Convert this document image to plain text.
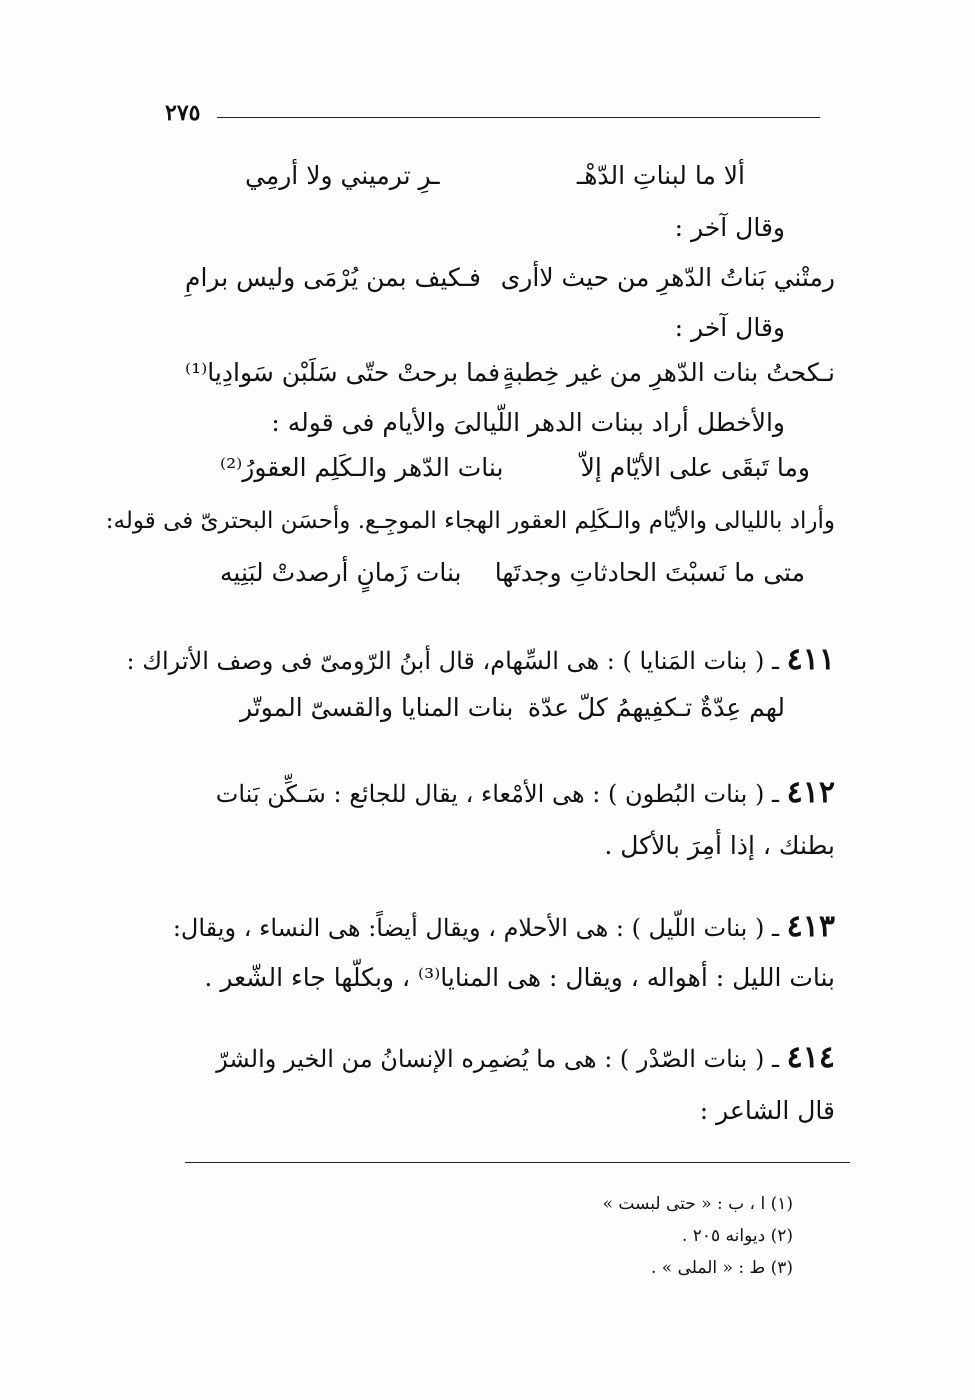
٢٧٥
ألا ما لبناتِ الدّهْـ
ـرِ ترميني ولا أرمِي
وقال آخر :
رمتْني بَناتُ الدّهرِ من حيث لاأرى
فـكيف بمن يُرْمَى وليس برامِ
وقال آخر :
نـكحتُ بنات الدّهرِ من غير خِطبةٍ
فما برحتْ حتّى سَلَبْن سَوادِيا⁽¹⁾
والأخطل أراد ببنات الدهر اللّيالىَ والأيام فى قوله :
وما تَبقَى على الأيّام إلاّ
بنات الدّهر والـكَلِم العقورُ⁽²⁾
وأراد بالليالى والأيّام والـكَلِم العقور الهجاء الموجِـع. وأحسَن البحترىّ فى قوله:
متى ما نَسبْتَ الحادثاتِ وجدتَها
بنات زَمانٍ أرصدتْ لبَنِيه
٤١١ ـ ( بنات المَنايا ) : هى السِّهام، قال أبنُ الرّومىّ فى وصف الأتراك :
لهم عِدّةٌ تـكفِيهمُ كلّ عدّة
بنات المنايا والقسىّ الموتّر
٤١٢ ـ ( بنات البُطون ) : هى الأمْعاء ، يقال للجائع : سَـكِّن بَنات
بطنك ، إذا أمِرَ بالأكل .
٤١٣ ـ ( بنات اللّيل ) : هى الأحلام ، ويقال أيضاً: هى النساء ، ويقال:
بنات الليل : أهواله ، ويقال : هى المنايا⁽³⁾ ، وبكلّها جاء الشّعر .
٤١٤ ـ ( بنات الصّدْر ) : هى ما يُضمِره الإنسانُ من الخير والشرّ
قال الشاعر :
(١) ا ، ب : « حتى لبست »
(٢) ديوانه ٢٠٥ .
(٣) ط : « الملى » .
